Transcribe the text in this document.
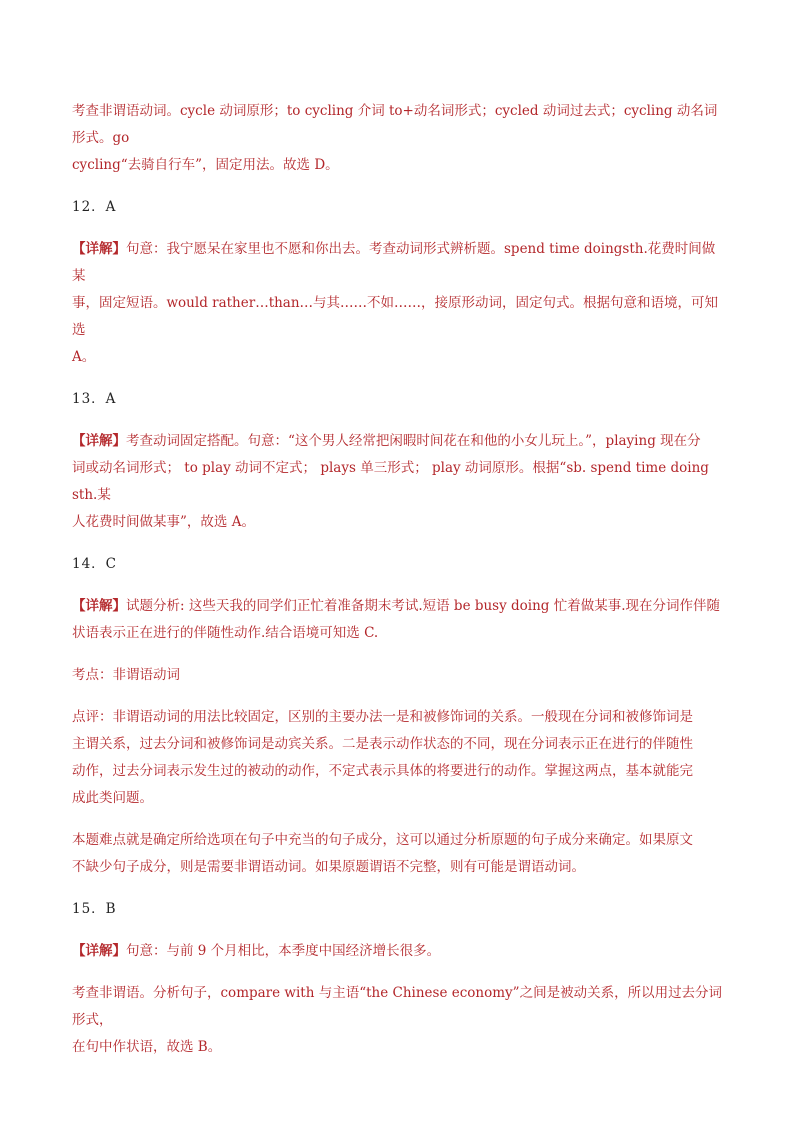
考查非谓语动词。cycle 动词原形；to cycling 介词 to+动名词形式；cycled 动词过去式；cycling 动名词形式。go
cycling“去骑自行车”，固定用法。故选 D。
12．A
【详解】句意：我宁愿呆在家里也不愿和你出去。考查动词形式辨析题。spend time doingsth.花费时间做某
事，固定短语。would rather…than…与其……不如……，接原形动词，固定句式。根据句意和语境，可知选
A。
13．A
【详解】考查动词固定搭配。句意：“这个男人经常把闲暇时间花在和他的小女儿玩上。”，playing 现在分
词或动名词形式； to play 动词不定式； plays 单三形式； play 动词原形。根据“sb. spend time doing sth.某
人花费时间做某事”，故选 A。
14．C
【详解】试题分析: 这些天我的同学们正忙着准备期末考试.短语 be busy doing 忙着做某事.现在分词作伴随
状语表示正在进行的伴随性动作.结合语境可知选 C.
考点：非谓语动词
点评：非谓语动词的用法比较固定，区别的主要办法一是和被修饰词的关系。一般现在分词和被修饰词是
主谓关系，过去分词和被修饰词是动宾关系。二是表示动作状态的不同，现在分词表示正在进行的伴随性
动作，过去分词表示发生过的被动的动作，不定式表示具体的将要进行的动作。掌握这两点，基本就能完
成此类问题。
本题难点就是确定所给选项在句子中充当的句子成分，这可以通过分析原题的句子成分来确定。如果原文
不缺少句子成分，则是需要非谓语动词。如果原题谓语不完整，则有可能是谓语动词。
15．B
【详解】句意：与前 9 个月相比，本季度中国经济增长很多。
考查非谓语。分析句子，compare with 与主语“the Chinese economy”之间是被动关系，所以用过去分词形式，
在句中作状语，故选 B。
